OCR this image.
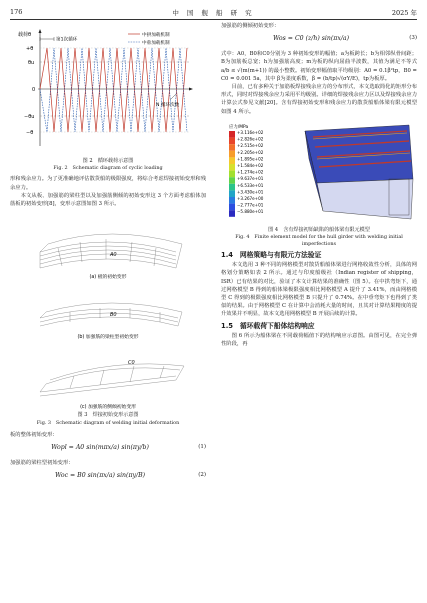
176	中 国 舰 船 研 究	2025 年
载荷θ
+θ
θu
0
−θu
−θ
第1次循环
中拱加载机制
中垂加载机制
N 循环次数

图 2　循环载荷示意图

Fig. 2　Schematic diagram of cyclic loading

形和残余应力。为了更准确地评估散货船的极限强度，将综合考虑焊接初始变形和残余应力。

本文从板、加强筋的梁柱型以及加强筋侧倾的初始变形这 3 个方面考虑船体加筋板的初始变形[8]，变形示意图如图 3 所示。

A0
(a) 板的初始变形
B0
(b) 加强筋的梁柱型初始变形
C0
(c) 加强筋的侧倾初始变形

图 3　焊接初始变形示意图

Fig. 3　Schematic diagram of welding initial deformation

板的整体初始变形：

Wopl = A0 sin(mπx/a) sin(πy/b)	(1)

加强筋的梁柱型初始变形：

Woc = B0 sin(πx/a) sin(πy/B)	(2)

加强筋的侧倾初始变形：

Wos = C0 (z/h) sin(πx/a)	(3)

式中：A0，B0和C0分别为 3 种初始变形的幅值；a为板跨长；b为相邻纵骨间距；B为加筋板总宽；h为加强筋高度；m为板的纵向屈曲半波数，其值为满足不等式 a/b ≤ √(m(m+1)) 的最小整数。初始变形幅值取平均级别：A0 = 0.1β²tp，B0 = C0 = 0.001 5a，其中 β为柔度系数，β = (b/tp)√(σY/E)，tp为板厚。

目前，已有多种关于加筋板焊接残余应力的分布形式，本文选取简化的矩形分布形式，同时对焊接残余应力采用平均级别。详细的焊接残余应力区以及焊接残余应力计算公式参见文献[20]。含有焊接初始变形和残余应力的散货船船体梁有限元模型如图 4 所示。

应力/MPa
+3.116e+02
+2.826e+02
+2.515e+02
+2.205e+02
+1.895e+02
+1.584e+02
+1.274e+02
+9.637e+01
+6.533e+01
+3.430e+01
+3.267e+00
−2.777e+01
−5.880e+01

图 4　含有焊接初始缺陷的船体梁有限元模型

Fig. 4　Finite element model for the hull girder with welding initial

imperfections

1.4　网格策略与有限元方法验证

本文选用 3 种不同的网格模型对散货船船体梁进行网格收敛性分析，具体的网格划分策略如表 2 所示。通过与印度船级社（Indian register of shipping，ISR）已有结果的对比，验证了本文计算结果的准确性（图 5）。在中拱弯矩下，通过网格模型 B 得到的船体梁极限强度相比网格模型 A 提升了 3.41%，而由网格模型 C 得到的极限强度相比网格模型 B 只提升了 0.74%。在中垂弯矩下也得到了类似的结果。由于网格模型 C 在计算中会消耗大量的时间，且其对计算结果精度的提升效果并不明显，故本文选用网格模型 B 开展后续的计算。

1.5　循环载荷下船体结构响应

图 6 所示为船体梁在不同载荷幅值下的结构响应示意图。由图可见，在完全弹性阶段，再
